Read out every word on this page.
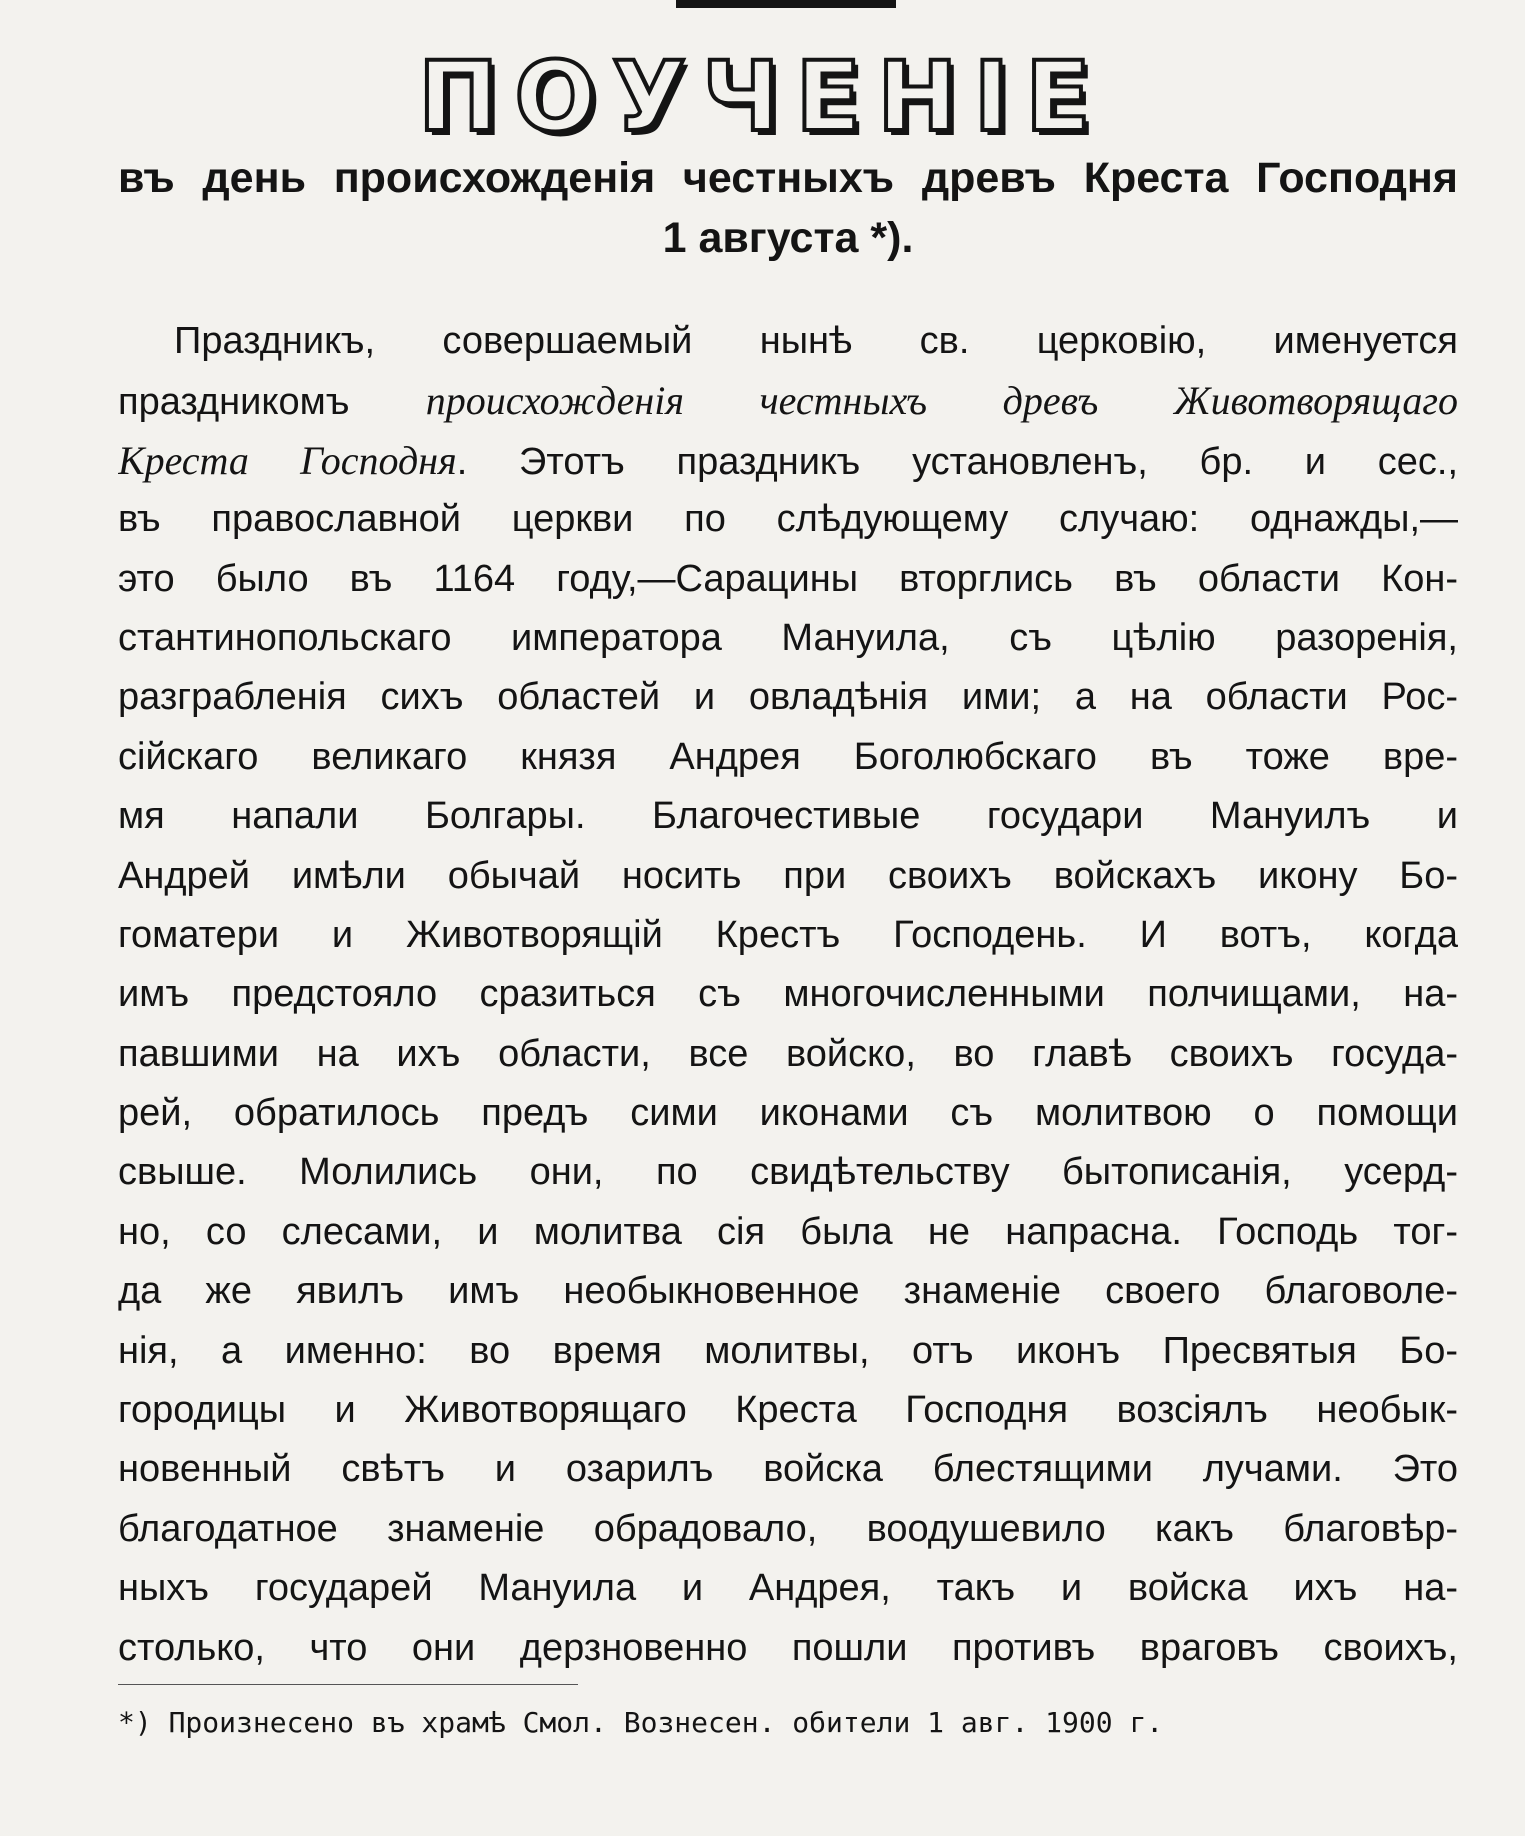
ПОУЧЕНІЕ
въ день происхожденія честныхъ древъ Креста Господня
1 августа *).
Праздникъ, совершаемый нынѣ св. церковію, именуется
праздникомъ происхожденія честныхъ древъ Животворящаго
Креста Господня. Этотъ праздникъ установленъ, бр. и сес.,
въ православной церкви по слѣдующему случаю: однажды,—
это было въ 1164 году,—Сарацины вторглись въ области Кон-
стантинопольскаго императора Мануила, съ цѣлію разоренія,
разграбленія сихъ областей и овладѣнія ими; а на области Рос-
сійскаго великаго князя Андрея Боголюбскаго въ тоже вре-
мя напали Болгары. Благочестивые государи Мануилъ и
Андрей имѣли обычай носить при своихъ войскахъ икону Бо-
гоматери и Животворящій Крестъ Господень. И вотъ, когда
имъ предстояло сразиться съ многочисленными полчищами, на-
павшими на ихъ области, все войско, во главѣ своихъ госуда-
рей, обратилось предъ сими иконами съ молитвою о помощи
свыше. Молились они, по свидѣтельству бытописанія, усерд-
но, со слесами, и молитва сія была не напрасна. Господь тог-
да же явилъ имъ необыкновенное знаменіе своего благоволе-
нія, а именно: во время молитвы, отъ иконъ Пресвятыя Бо-
городицы и Животворящаго Креста Господня возсіялъ необык-
новенный свѣтъ и озарилъ войска блестящими лучами. Это
благодатное знаменіе обрадовало, воодушевило какъ благовѣр-
ныхъ государей Мануила и Андрея, такъ и войска ихъ на-
столько, что они дерзновенно пошли противъ враговъ своихъ,
*) Произнесено въ храмѣ Смол. Вознесен. обители 1 авг. 1900 г.
